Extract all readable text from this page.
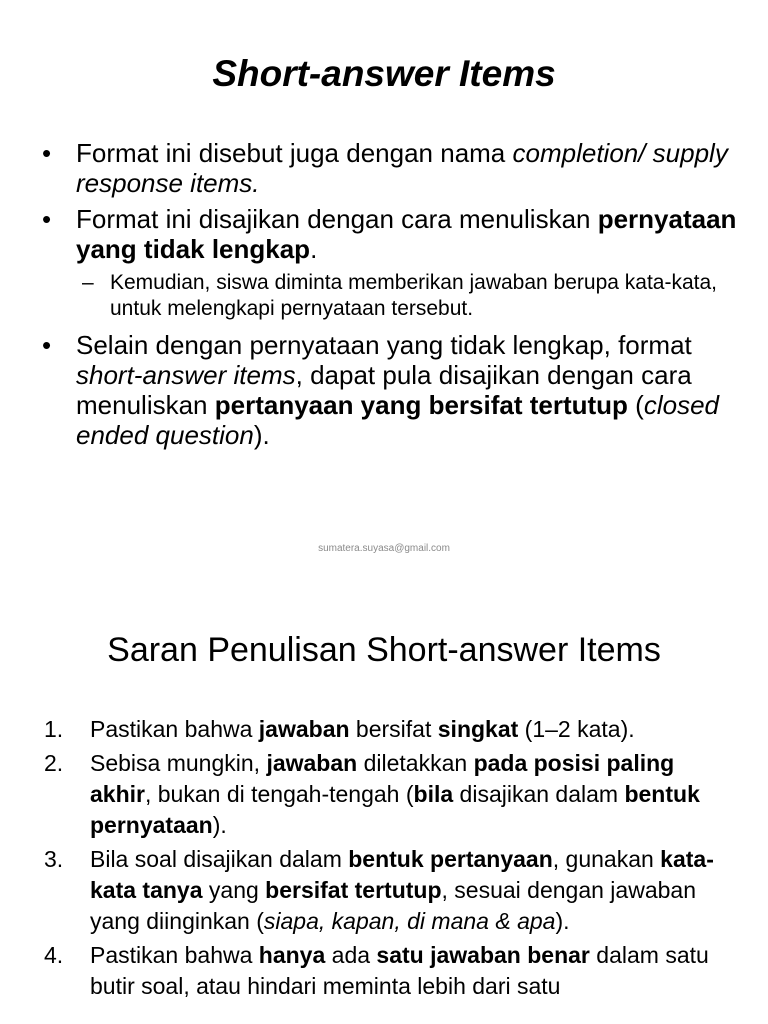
Short-answer Items
• Format ini disebut juga dengan nama completion/ supply response items.
• Format ini disajikan dengan cara menuliskan pernyataan yang tidak lengkap.
– Kemudian, siswa diminta memberikan jawaban berupa kata-kata, untuk melengkapi pernyataan tersebut.
• Selain dengan pernyataan yang tidak lengkap, format short-answer items, dapat pula disajikan dengan cara menuliskan pertanyaan yang bersifat tertutup (closed ended question).
sumatera.suyasa@gmail.com
Saran Penulisan Short-answer Items
1. Pastikan bahwa jawaban bersifat singkat (1–2 kata).
2. Sebisa mungkin, jawaban diletakkan pada posisi paling akhir, bukan di tengah-tengah (bila disajikan dalam bentuk pernyataan).
3. Bila soal disajikan dalam bentuk pertanyaan, gunakan kata-kata tanya yang bersifat tertutup, sesuai dengan jawaban yang diinginkan (siapa, kapan, di mana & apa).
4. Pastikan bahwa hanya ada satu jawaban benar dalam satu butir soal, atau hindari meminta lebih dari satu
